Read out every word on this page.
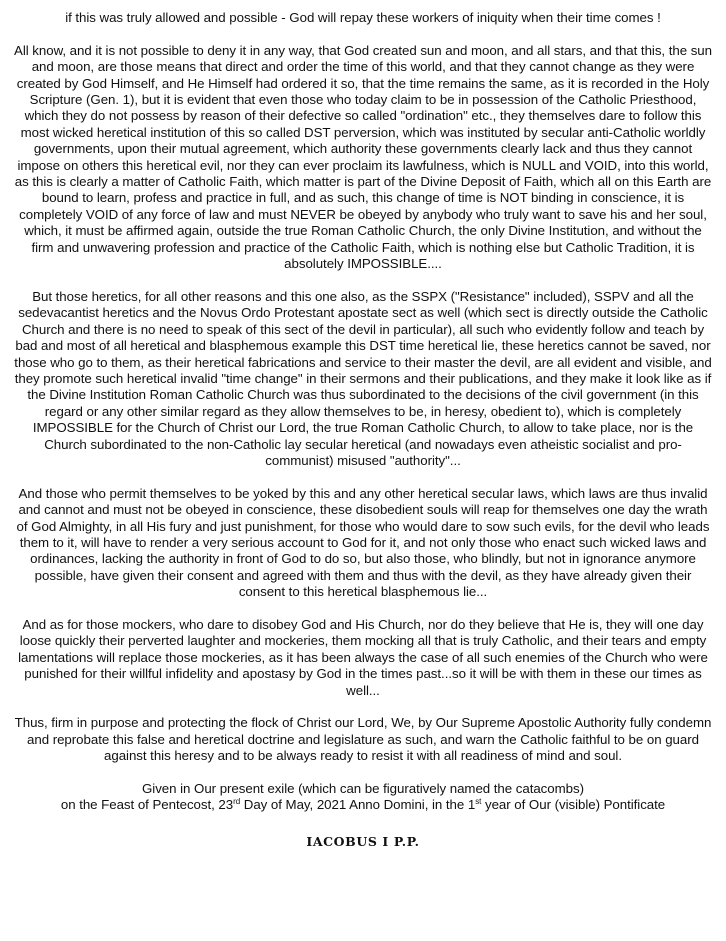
if this was truly allowed and possible - God will repay these workers of iniquity when their time comes !

All know, and it is not possible to deny it in any way, that God created sun and moon, and all stars, and that this, the sun and moon, are those means that direct and order the time of this world, and that they cannot change as they were created by God Himself, and He Himself had ordered it so, that the time remains the same, as it is recorded in the Holy Scripture (Gen. 1), but it is evident that even those who today claim to be in possession of the Catholic Priesthood, which they do not possess by reason of their defective so called "ordination" etc., they themselves dare to follow this most wicked heretical institution of this so called DST perversion, which was instituted by secular anti-Catholic worldly governments, upon their mutual agreement, which authority these governments clearly lack and thus they cannot impose on others this heretical evil, nor they can ever proclaim its lawfulness, which is NULL and VOID, into this world, as this is clearly a matter of Catholic Faith, which matter is part of the Divine Deposit of Faith, which all on this Earth are bound to learn, profess and practice in full, and as such, this change of time is NOT binding in conscience, it is completely VOID of any force of law and must NEVER be obeyed by anybody who truly want to save his and her soul, which, it must be affirmed again, outside the true Roman Catholic Church, the only Divine Institution, and without the firm and unwavering profession and practice of the Catholic Faith, which is nothing else but Catholic Tradition, it is absolutely IMPOSSIBLE....

But those heretics, for all other reasons and this one also, as the SSPX ("Resistance" included), SSPV and all the sedevacantist heretics and the Novus Ordo Protestant apostate sect as well (which sect is directly outside the Catholic Church and there is no need to speak of this sect of the devil in particular), all such who evidently follow and teach by bad and most of all heretical and blasphemous example this DST time heretical lie, these heretics cannot be saved, nor those who go to them, as their heretical fabrications and service to their master the devil, are all evident and visible, and they promote such heretical invalid "time change" in their sermons and their publications, and they make it look like as if the Divine Institution Roman Catholic Church was thus subordinated to the decisions of the civil government (in this regard or any other similar regard as they allow themselves to be, in heresy, obedient to), which is completely IMPOSSIBLE for the Church of Christ our Lord, the true Roman Catholic Church, to allow to take place, nor is the Church subordinated to the non-Catholic lay secular heretical (and nowadays even atheistic socialist and pro-communist) misused "authority"...

And those who permit themselves to be yoked by this and any other heretical secular laws, which laws are thus invalid and cannot and must not be obeyed in conscience, these disobedient souls will reap for themselves one day the wrath of God Almighty, in all His fury and just punishment, for those who would dare to sow such evils, for the devil who leads them to it, will have to render a very serious account to God for it, and not only those who enact such wicked laws and ordinances, lacking the authority in front of God to do so, but also those, who blindly, but not in ignorance anymore possible, have given their consent and agreed with them and thus with the devil, as they have already given their consent to this heretical blasphemous lie...

And as for those mockers, who dare to disobey God and His Church, nor do they believe that He is, they will one day loose quickly their perverted laughter and mockeries, them mocking all that is truly Catholic, and their tears and empty lamentations will replace those mockeries, as it has been always the case of all such enemies of the Church who were punished for their willful infidelity and apostasy by God in the times past...so it will be with them in these our times as well...

Thus, firm in purpose and protecting the flock of Christ our Lord, We, by Our Supreme Apostolic Authority fully condemn and reprobate this false and heretical doctrine and legislature as such, and warn the Catholic faithful to be on guard against this heresy and to be always ready to resist it with all readiness of mind and soul.

Given in Our present exile (which can be figuratively named the catacombs)
on the Feast of Pentecost, 23rd Day of May, 2021 Anno Domini, in the 1st year of Our (visible) Pontificate

IACOBUS I P.P.
